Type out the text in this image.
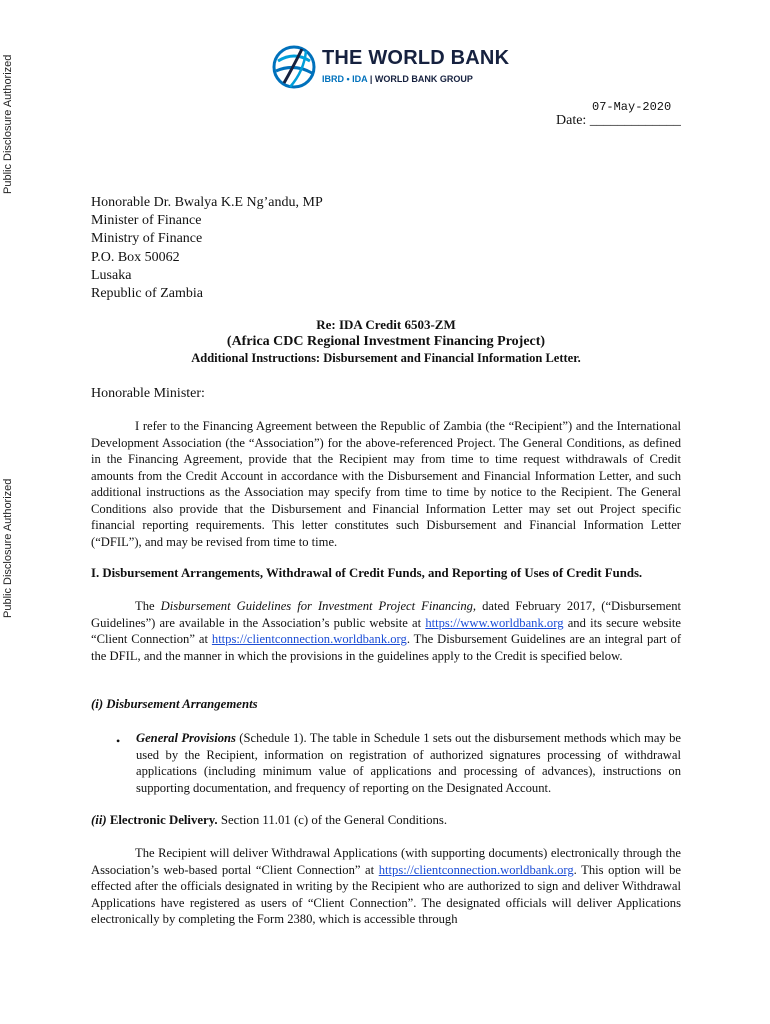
Public Disclosure Authorized
Public Disclosure Authorized
THE WORLD BANK
IBRD • IDA | WORLD BANK GROUP
07-May-2020
Date: _____________
Honorable Dr. Bwalya K.E Ng’andu, MP
Minister of Finance
Ministry of Finance
P.O. Box 50062
Lusaka
Republic of Zambia
Re: IDA Credit 6503-ZM
(Africa CDC Regional Investment Financing Project)
Additional Instructions: Disbursement and Financial Information Letter.
Honorable Minister:

I refer to the Financing Agreement between the Republic of Zambia (the “Recipient”) and the International Development Association (the “Association”) for the above-referenced Project. The General Conditions, as defined in the Financing Agreement, provide that the Recipient may from time to time request withdrawals of Credit amounts from the Credit Account in accordance with the Disbursement and Financial Information Letter, and such additional instructions as the Association may specify from time to time by notice to the Recipient. The General Conditions also provide that the Disbursement and Financial Information Letter may set out Project specific financial reporting requirements. This letter constitutes such Disbursement and Financial Information Letter (“DFIL”), and may be revised from time to time.

I. Disbursement Arrangements, Withdrawal of Credit Funds, and Reporting of Uses of Credit Funds.

The Disbursement Guidelines for Investment Project Financing, dated February 2017, (“Disbursement Guidelines”) are available in the Association’s public website at https://www.worldbank.org and its secure website “Client Connection” at https://clientconnection.worldbank.org. The Disbursement Guidelines are an integral part of the DFIL, and the manner in which the provisions in the guidelines apply to the Credit is specified below.

(i) Disbursement Arrangements
• General Provisions (Schedule 1). The table in Schedule 1 sets out the disbursement methods which may be used by the Recipient, information on registration of authorized signatures processing of withdrawal applications (including minimum value of applications and processing of advances), instructions on supporting documentation, and frequency of reporting on the Designated Account.

(ii) Electronic Delivery. Section 11.01 (c) of the General Conditions.

The Recipient will deliver Withdrawal Applications (with supporting documents) electronically through the Association’s web-based portal “Client Connection” at https://clientconnection.worldbank.org. This option will be effected after the officials designated in writing by the Recipient who are authorized to sign and deliver Withdrawal Applications have registered as users of “Client Connection”. The designated officials will deliver Applications electronically by completing the Form 2380, which is accessible through
